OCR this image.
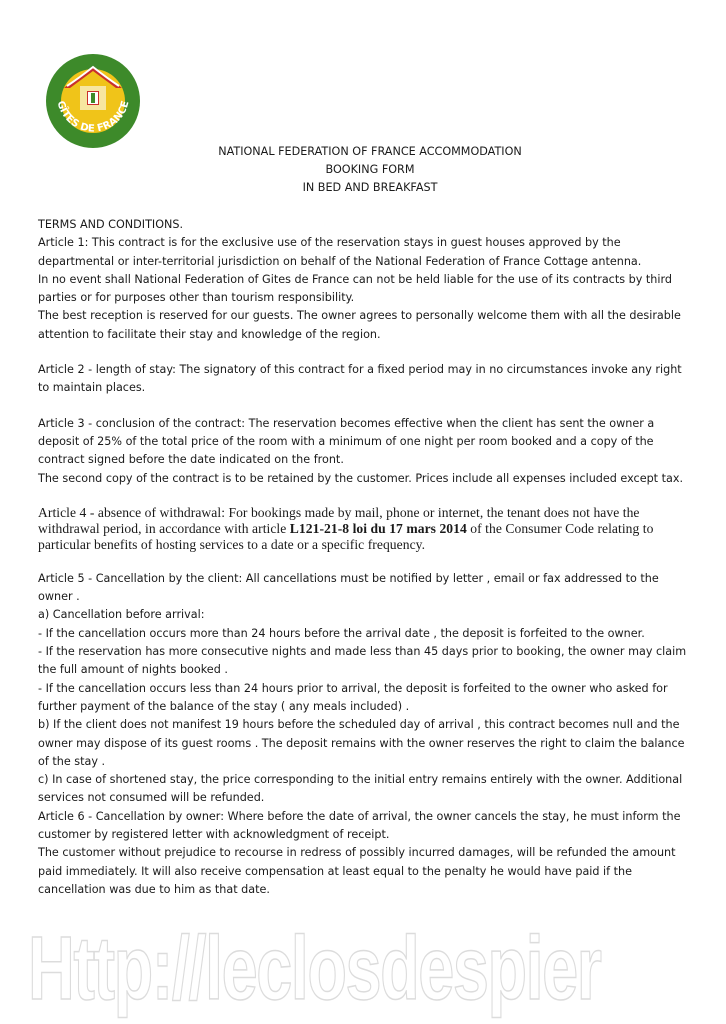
GÎTES DE FRANCE
NATIONAL FEDERATION OF FRANCE ACCOMMODATION
BOOKING FORM
IN BED AND BREAKFAST

TERMS AND CONDITIONS.

Article 1: This contract is for the exclusive use of the reservation stays in guest houses approved by the departmental or inter-territorial jurisdiction on behalf of the National Federation of France Cottage antenna.

In no event shall National Federation of Gites de France can not be held liable for the use of its contracts by third parties or for purposes other than tourism responsibility.

The best reception is reserved for our guests. The owner agrees to personally welcome them with all the desirable attention to facilitate their stay and knowledge of the region.

Article 2 - length of stay: The signatory of this contract for a fixed period may in no circumstances invoke any right to maintain places.

Article 3 - conclusion of the contract: The reservation becomes effective when the client has sent the owner a deposit of 25% of the total price of the room with a minimum of one night per room booked and a copy of the contract signed before the date indicated on the front.

The second copy of the contract is to be retained by the customer. Prices include all expenses included except tax.

Article 4 - absence of withdrawal: For bookings made by mail, phone or internet, the tenant does not have the withdrawal period, in accordance with article L121-21-8 loi du 17 mars 2014 of the Consumer Code relating to particular benefits of hosting services to a date or a specific frequency.

Article 5 - Cancellation by the client: All cancellations must be notified by letter , email or fax addressed to the owner .

a) Cancellation before arrival:

- If the cancellation occurs more than 24 hours before the arrival date , the deposit is forfeited to the owner.

- If the reservation has more consecutive nights and made less than 45 days prior to booking, the owner may claim the full amount of nights booked .

- If the cancellation occurs less than 24 hours prior to arrival, the deposit is forfeited to the owner who asked for further payment of the balance of the stay ( any meals included) .

b) If the client does not manifest 19 hours before the scheduled day of arrival , this contract becomes null and the owner may dispose of its guest rooms . The deposit remains with the owner reserves the right to claim the balance of the stay .

c) In case of shortened stay, the price corresponding to the initial entry remains entirely with the owner. Additional services not consumed will be refunded.

Article 6 - Cancellation by owner: Where before the date of arrival, the owner cancels the stay, he must inform the customer by registered letter with acknowledgment of receipt.

The customer without prejudice to recourse in redress of possibly incurred damages, will be refunded the amount paid immediately. It will also receive compensation at least equal to the penalty he would have paid if the cancellation was due to him as that date.

Http://leclosdespier
